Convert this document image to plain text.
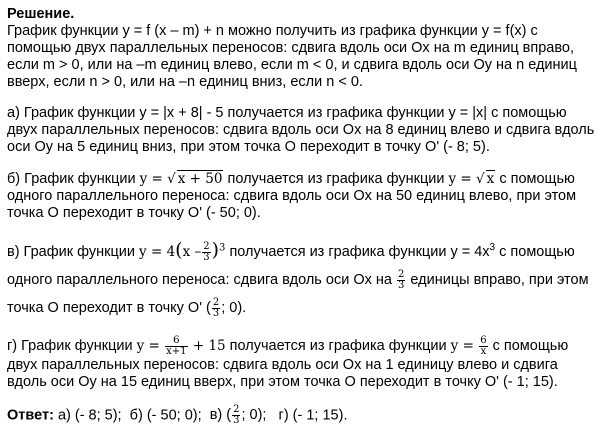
Решение.

График функции y = f (x – m) + n можно получить из графика функции y = f(x) с помощью двух параллельных переносов: сдвига вдоль оси Ox на m единиц вправо, если m > 0, или на –m единиц влево, если m < 0, и сдвига вдоль оси Oy на n единиц вверх, если n > 0, или на –n единиц вниз, если n < 0.

а) График функции y = |x + 8| - 5 получается из графика функции y = |x| с помощью двух параллельных переносов: сдвига вдоль оси Ox на 8 единиц влево и сдвига вдоль оси Oy на 5 единиц вниз, при этом точка О переходит в точку O' (- 8; 5).

б) График функции y = √ x + 50 получается из графика функции y = √ x с помощью одного параллельного переноса: сдвига вдоль оси Ox на 50 единиц влево, при этом точка О переходит в точку O' (- 50; 0).

в) График функции $y = 4(x - \frac{2}{3} )^3$ получается из графика функции $y = 4x^3$ с помощью одного параллельного переноса: сдвига вдоль оси Ox на $\frac{2}{3}$ единицы вправо, при этом точка O переходит в точку O' ( $\frac{2}{3}$ ; 0).

г) График функции $y = \frac{6}{x+1} + 15$ получается из графика функции $y = \frac{6}{x}$ с помощью двух параллельных переносов: сдвига вдоль оси Ox на 1 единицу влево и сдвига вдоль оси Oy на 15 единиц вверх, при этом точка О переходит в точку O' (- 1; 15).

Ответ: а) (- 8; 5); б) (- 50; 0); в) ( $\frac{2}{3}$ ; 0); г) (- 1; 15).
